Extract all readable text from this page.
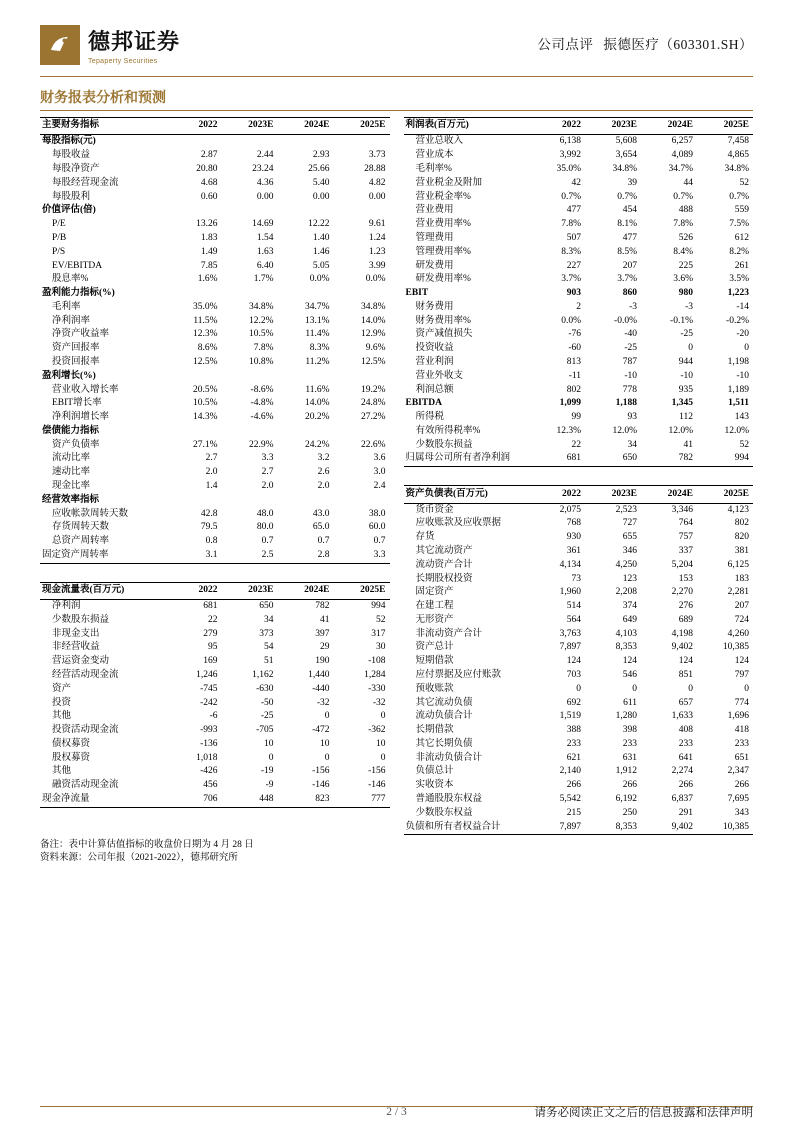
德邦证券
Tepaperty Securities
公司点评 振德医疗（603301.SH）
财务报表分析和预测
主要财务指标	2022	2023E	2024E	2025E
每股指标(元)				
每股收益	2.87	2.44	2.93	3.73
每股净资产	20.80	23.24	25.66	28.88
每股经营现金流	4.68	4.36	5.40	4.82
每股股利	0.60	0.00	0.00	0.00
价值评估(倍)				
P/E	13.26	14.69	12.22	9.61
P/B	1.83	1.54	1.40	1.24
P/S	1.49	1.63	1.46	1.23
EV/EBITDA	7.85	6.40	5.05	3.99
股息率%	1.6%	1.7%	0.0%	0.0%
盈利能力指标(%)				
毛利率	35.0%	34.8%	34.7%	34.8%
净利润率	11.5%	12.2%	13.1%	14.0%
净资产收益率	12.3%	10.5%	11.4%	12.9%
资产回报率	8.6%	7.8%	8.3%	9.6%
投资回报率	12.5%	10.8%	11.2%	12.5%
盈利增长(%)				
营业收入增长率	20.5%	-8.6%	11.6%	19.2%
EBIT增长率	10.5%	-4.8%	14.0%	24.8%
净利润增长率	14.3%	-4.6%	20.2%	27.2%
偿债能力指标				
资产负债率	27.1%	22.9%	24.2%	22.6%
流动比率	2.7	3.3	3.2	3.6
速动比率	2.0	2.7	2.6	3.0
现金比率	1.4	2.0	2.0	2.4
经营效率指标				
应收帐款周转天数	42.8	48.0	43.0	38.0
存货周转天数	79.5	80.0	65.0	60.0
总资产周转率	0.8	0.7	0.7	0.7
固定资产周转率	3.1	2.5	2.8	3.3
现金流量表(百万元)	2022	2023E	2024E	2025E
净利润	681	650	782	994
少数股东损益	22	34	41	52
非现金支出	279	373	397	317
非经营收益	95	54	29	30
营运资金变动	169	51	190	-108
经营活动现金流	1,246	1,162	1,440	1,284
资产	-745	-630	-440	-330
投资	-242	-50	-32	-32
其他	-6	-25	0	0
投资活动现金流	-993	-705	-472	-362
债权募资	-136	10	10	10
股权募资	1,018	0	0	0
其他	-426	-19	-156	-156
融资活动现金流	456	-9	-146	-146
现金净流量	706	448	823	777
利润表(百万元)	2022	2023E	2024E	2025E
营业总收入	6,138	5,608	6,257	7,458
营业成本	3,992	3,654	4,089	4,865
毛利率%	35.0%	34.8%	34.7%	34.8%
营业税金及附加	42	39	44	52
营业税金率%	0.7%	0.7%	0.7%	0.7%
营业费用	477	454	488	559
营业费用率%	7.8%	8.1%	7.8%	7.5%
管理费用	507	477	526	612
管理费用率%	8.3%	8.5%	8.4%	8.2%
研发费用	227	207	225	261
研发费用率%	3.7%	3.7%	3.6%	3.5%
EBIT	903	860	980	1,223
财务费用	2	-3	-3	-14
财务费用率%	0.0%	-0.0%	-0.1%	-0.2%
资产减值损失	-76	-40	-25	-20
投资收益	-60	-25	0	0
营业利润	813	787	944	1,198
营业外收支	-11	-10	-10	-10
利润总额	802	778	935	1,189
EBITDA	1,099	1,188	1,345	1,511
所得税	99	93	112	143
有效所得税率%	12.3%	12.0%	12.0%	12.0%
少数股东损益	22	34	41	52
归属母公司所有者净利润	681	650	782	994
资产负债表(百万元)	2022	2023E	2024E	2025E
货币资金	2,075	2,523	3,346	4,123
应收账款及应收票据	768	727	764	802
存货	930	655	757	820
其它流动资产	361	346	337	381
流动资产合计	4,134	4,250	5,204	6,125
长期股权投资	73	123	153	183
固定资产	1,960	2,208	2,270	2,281
在建工程	514	374	276	207
无形资产	564	649	689	724
非流动资产合计	3,763	4,103	4,198	4,260
资产总计	7,897	8,353	9,402	10,385
短期借款	124	124	124	124
应付票据及应付账款	703	546	851	797
预收账款	0	0	0	0
其它流动负债	692	611	657	774
流动负债合计	1,519	1,280	1,633	1,696
长期借款	388	398	408	418
其它长期负债	233	233	233	233
非流动负债合计	621	631	641	651
负债总计	2,140	1,912	2,274	2,347
实收资本	266	266	266	266
普通股股东权益	5,542	6,192	6,837	7,695
少数股东权益	215	250	291	343
负债和所有者权益合计	7,897	8,353	9,402	10,385
备注：表中计算估值指标的收盘价日期为 4 月 28 日
资料来源：公司年报（2021-2022），德邦研究所
2 / 3	请务必阅读正文之后的信息披露和法律声明
